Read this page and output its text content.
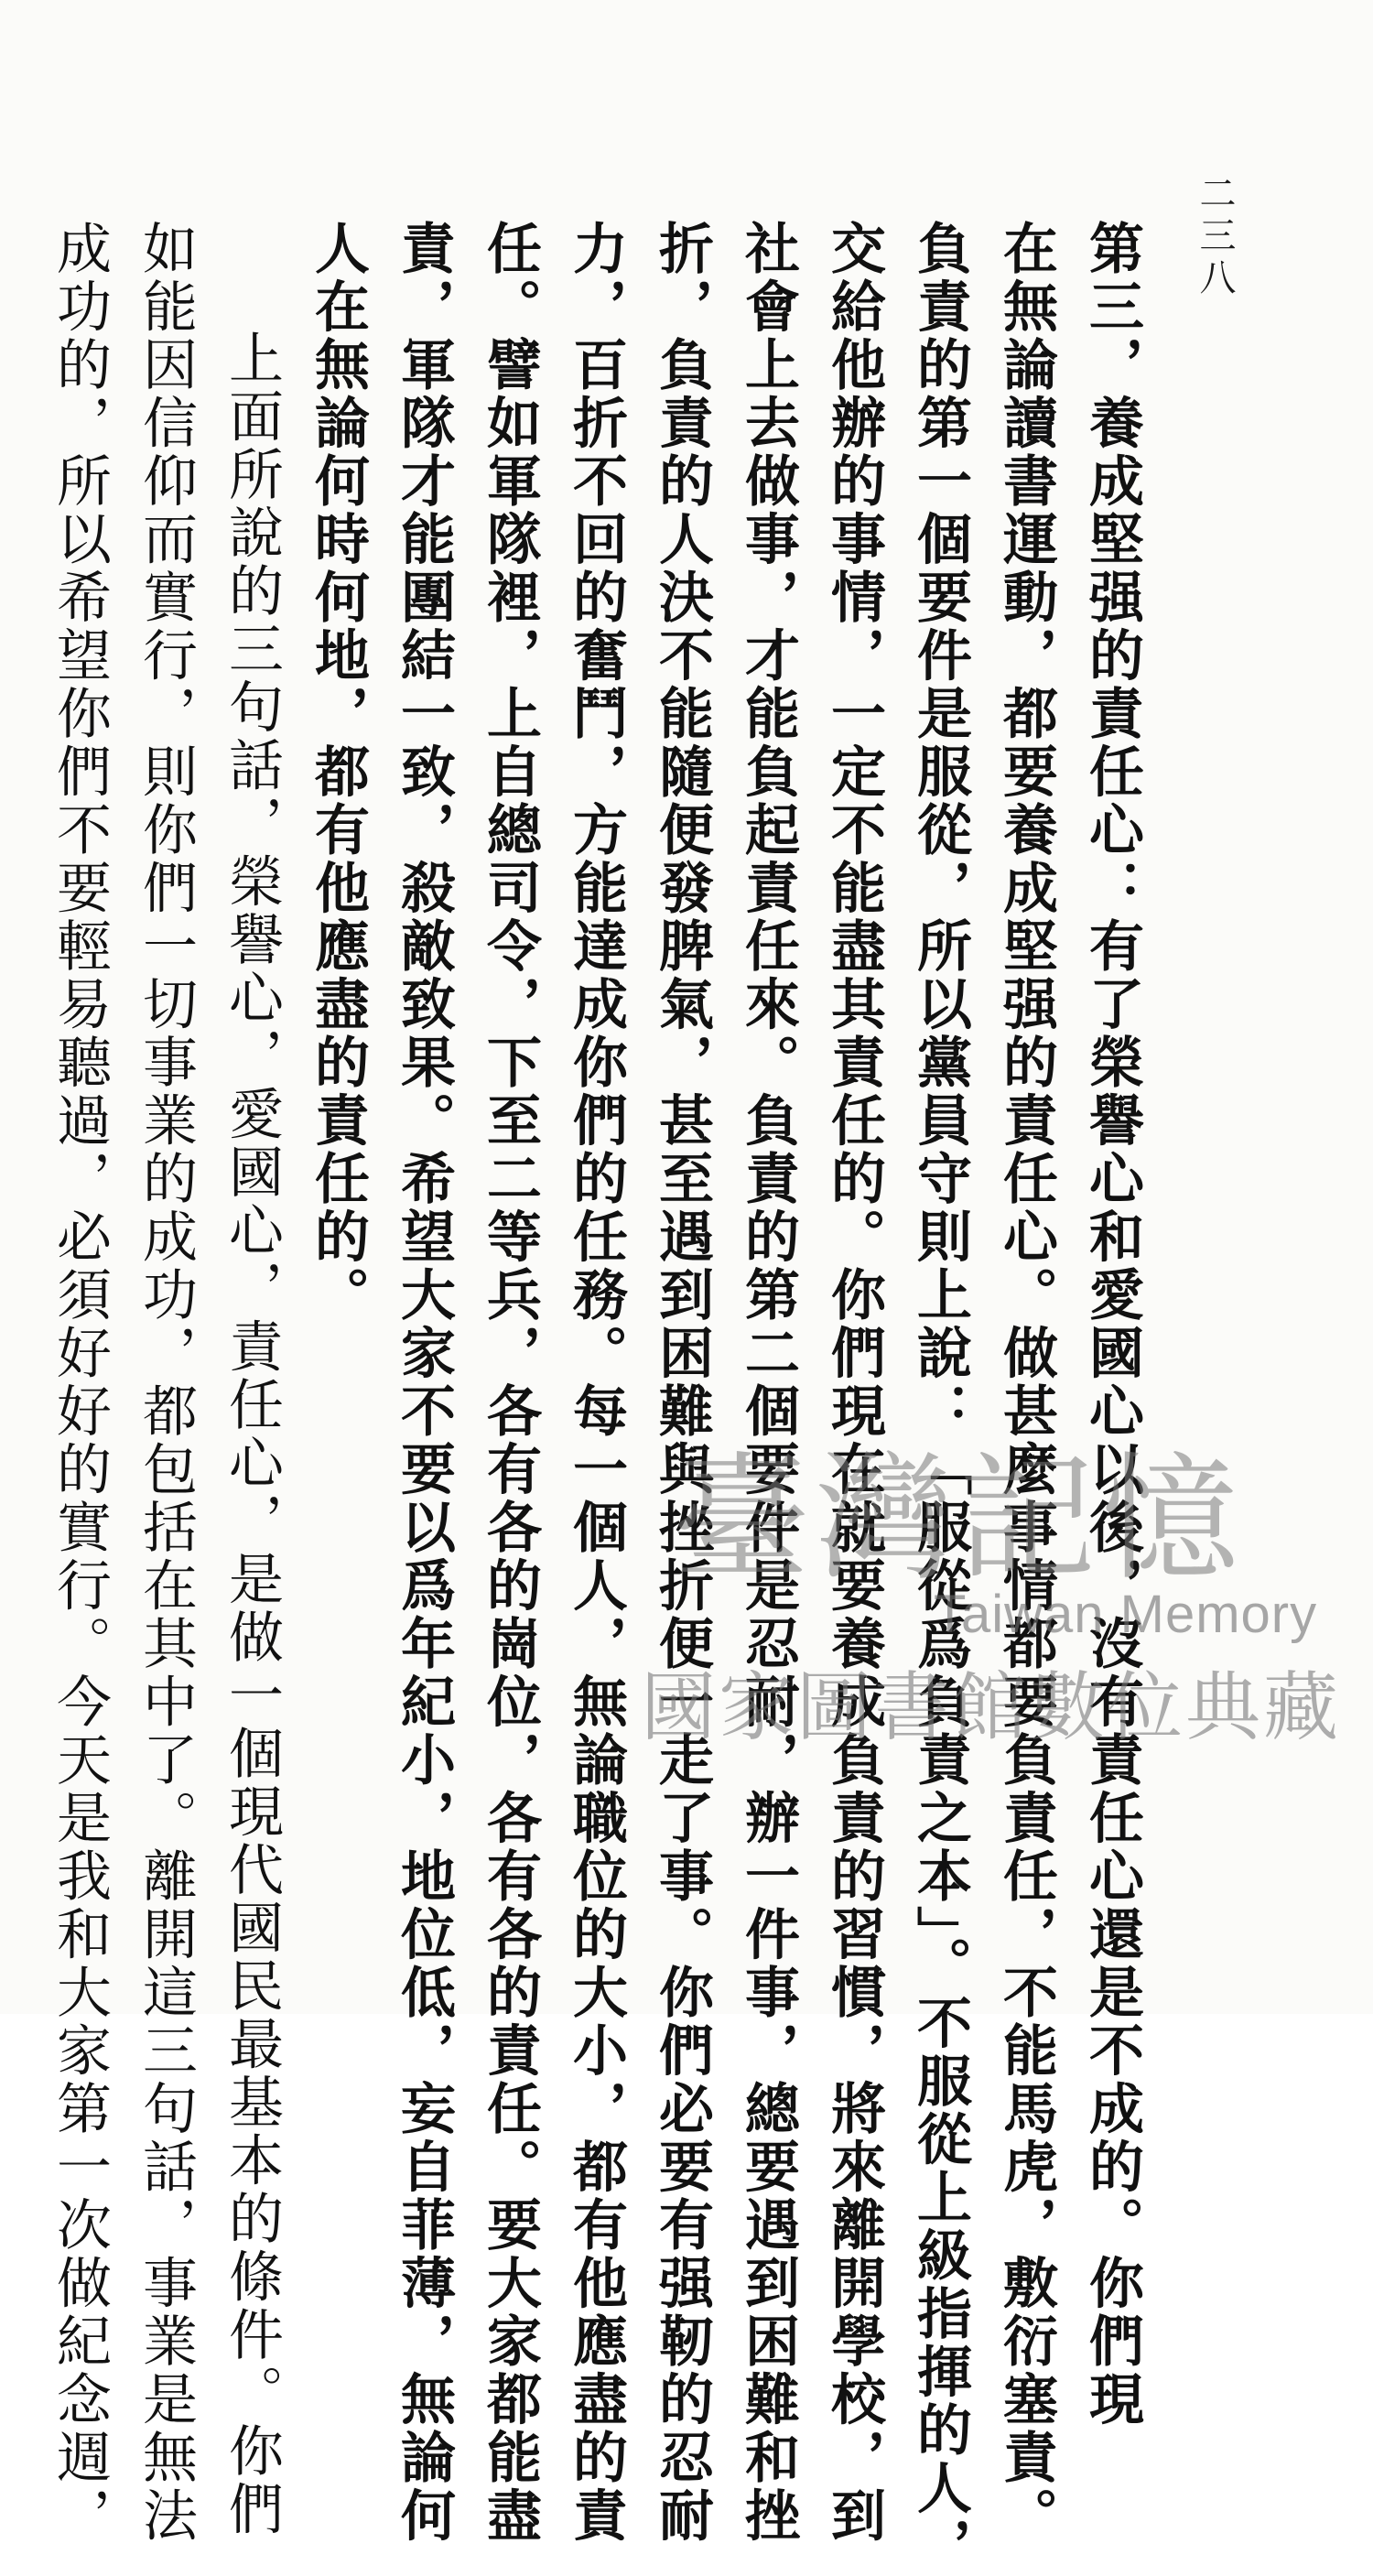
二三八
第三，養成堅强的責任心：有了榮譽心和愛國心以後，沒有責任心還是不成的。你們現
在無論讀書運動，都要養成堅强的責任心。做甚麼事情都要負責任，不能馬虎，敷衍塞責。
負責的第一個要件是服從，所以黨員守則上說：「服從爲負責之本」。不服從上級指揮的人，
交給他辦的事情，一定不能盡其責任的。你們現在就要養成負責的習慣，將來離開學校，到
社會上去做事，才能負起責任來。負責的第二個要件是忍耐，辦一件事，總要遇到困難和挫
折，負責的人決不能隨便發脾氣，甚至遇到困難與挫折便一走了事。你們必要有强靭的忍耐
力，百折不回的奮鬥，方能達成你們的任務。每一個人，無論職位的大小，都有他應盡的責
任。譬如軍隊裡，上自總司令，下至二等兵，各有各的崗位，各有各的責任。要大家都能盡
責，軍隊才能團結一致，殺敵致果。希望大家不要以爲年紀小，地位低，妄自菲薄，無論何
人在無論何時何地，都有他應盡的責任的。
上面所說的三句話，榮譽心，愛國心，責任心，是做一個現代國民最基本的條件。你們
如能因信仰而實行，則你們一切事業的成功，都包括在其中了。離開這三句話，事業是無法
成功的，所以希望你們不要輕易聽過，必須好好的實行。今天是我和大家第一次做紀念週，	臺灣記憶
Taiwan Memory
國家圖書館數位典藏
